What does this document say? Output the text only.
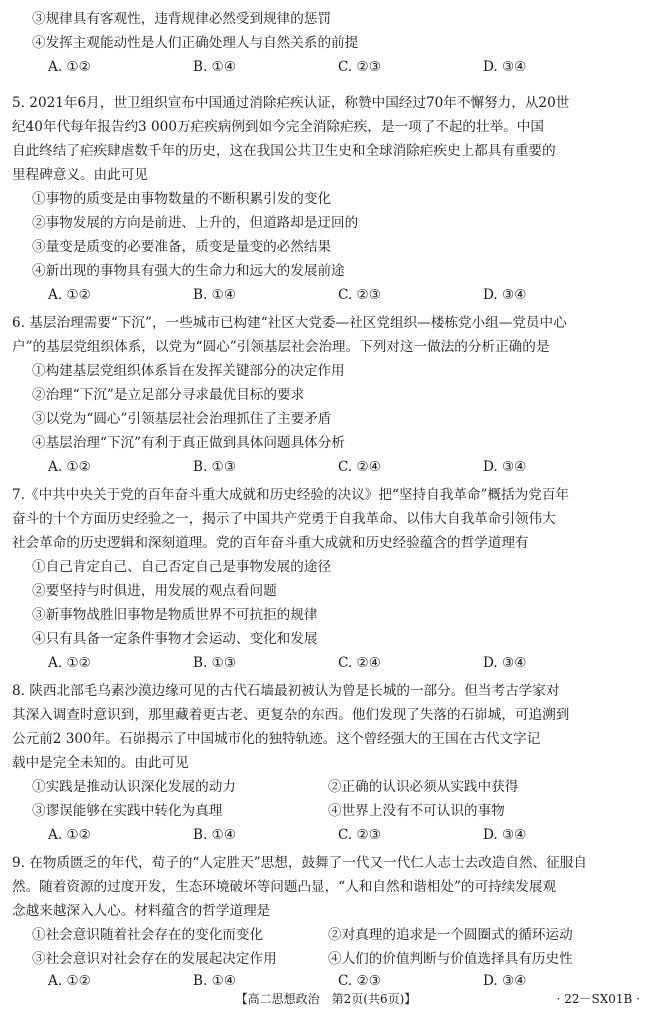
③规律具有客观性，违背规律必然受到规律的惩罚
④发挥主观能动性是人们正确处理人与自然关系的前提
A. ①②	B. ①④	C. ②③	D. ③④
5. 2021年6月，世卫组织宣布中国通过消除疟疾认证，称赞中国经过70年不懈努力，从20世
纪40年代每年报告约3 000万疟疾病例到如今完全消除疟疾，是一项了不起的壮举。中国
自此终结了疟疾肆虐数千年的历史，这在我国公共卫生史和全球消除疟疾史上都具有重要的
里程碑意义。由此可见
①事物的质变是由事物数量的不断积累引发的变化
②事物发展的方向是前进、上升的，但道路却是迂回的
③量变是质变的必要准备，质变是量变的必然结果
④新出现的事物具有强大的生命力和远大的发展前途
A. ①②	B. ①④	C. ②③	D. ③④
6. 基层治理需要“下沉”，一些城市已构建“社区大党委—社区党组织—楼栋党小组—党员中心
户”的基层党组织体系，以党为“圆心”引领基层社会治理。下列对这一做法的分析正确的是
①构建基层党组织体系旨在发挥关键部分的决定作用
②治理“下沉”是立足部分寻求最优目标的要求
③以党为“圆心”引领基层社会治理抓住了主要矛盾
④基层治理“下沉”有利于真正做到具体问题具体分析
A. ①②	B. ①③	C. ②④	D. ③④
7.《中共中央关于党的百年奋斗重大成就和历史经验的决议》把“坚持自我革命”概括为党百年
奋斗的十个方面历史经验之一，揭示了中国共产党勇于自我革命、以伟大自我革命引领伟大
社会革命的历史逻辑和深刻道理。党的百年奋斗重大成就和历史经验蕴含的哲学道理有
①自己肯定自己、自己否定自己是事物发展的途径
②要坚持与时俱进，用发展的观点看问题
③新事物战胜旧事物是物质世界不可抗拒的规律
④只有具备一定条件事物才会运动、变化和发展
A. ①②	B. ①③	C. ②④	D. ③④
8. 陕西北部毛乌素沙漠边缘可见的古代石墙最初被认为曾是长城的一部分。但当考古学家对
其深入调查时意识到，那里藏着更古老、更复杂的东西。他们发现了失落的石峁城，可追溯到
公元前2 300年。石峁揭示了中国城市化的独特轨迹。这个曾经强大的王国在古代文字记
载中是完全未知的。由此可见
①实践是推动认识深化发展的动力	②正确的认识必须从实践中获得
③谬误能够在实践中转化为真理	④世界上没有不可认识的事物
A. ①②	B. ①④	C. ②③	D. ③④
9. 在物质匮乏的年代，荀子的“人定胜天”思想，鼓舞了一代又一代仁人志士去改造自然、征服自
然。随着资源的过度开发，生态环境破坏等问题凸显，“人和自然和谐相处”的可持续发展观
念越来越深入人心。材料蕴含的哲学道理是
①社会意识随着社会存在的变化而变化	②对真理的追求是一个圆圈式的循环运动
③社会意识对社会存在的发展起决定作用	④人们的价值判断与价值选择具有历史性
A. ①②	B. ①④	C. ②③	D. ③④
【高二思想政治　第2页(共6页)】	· 22－SX01B ·
